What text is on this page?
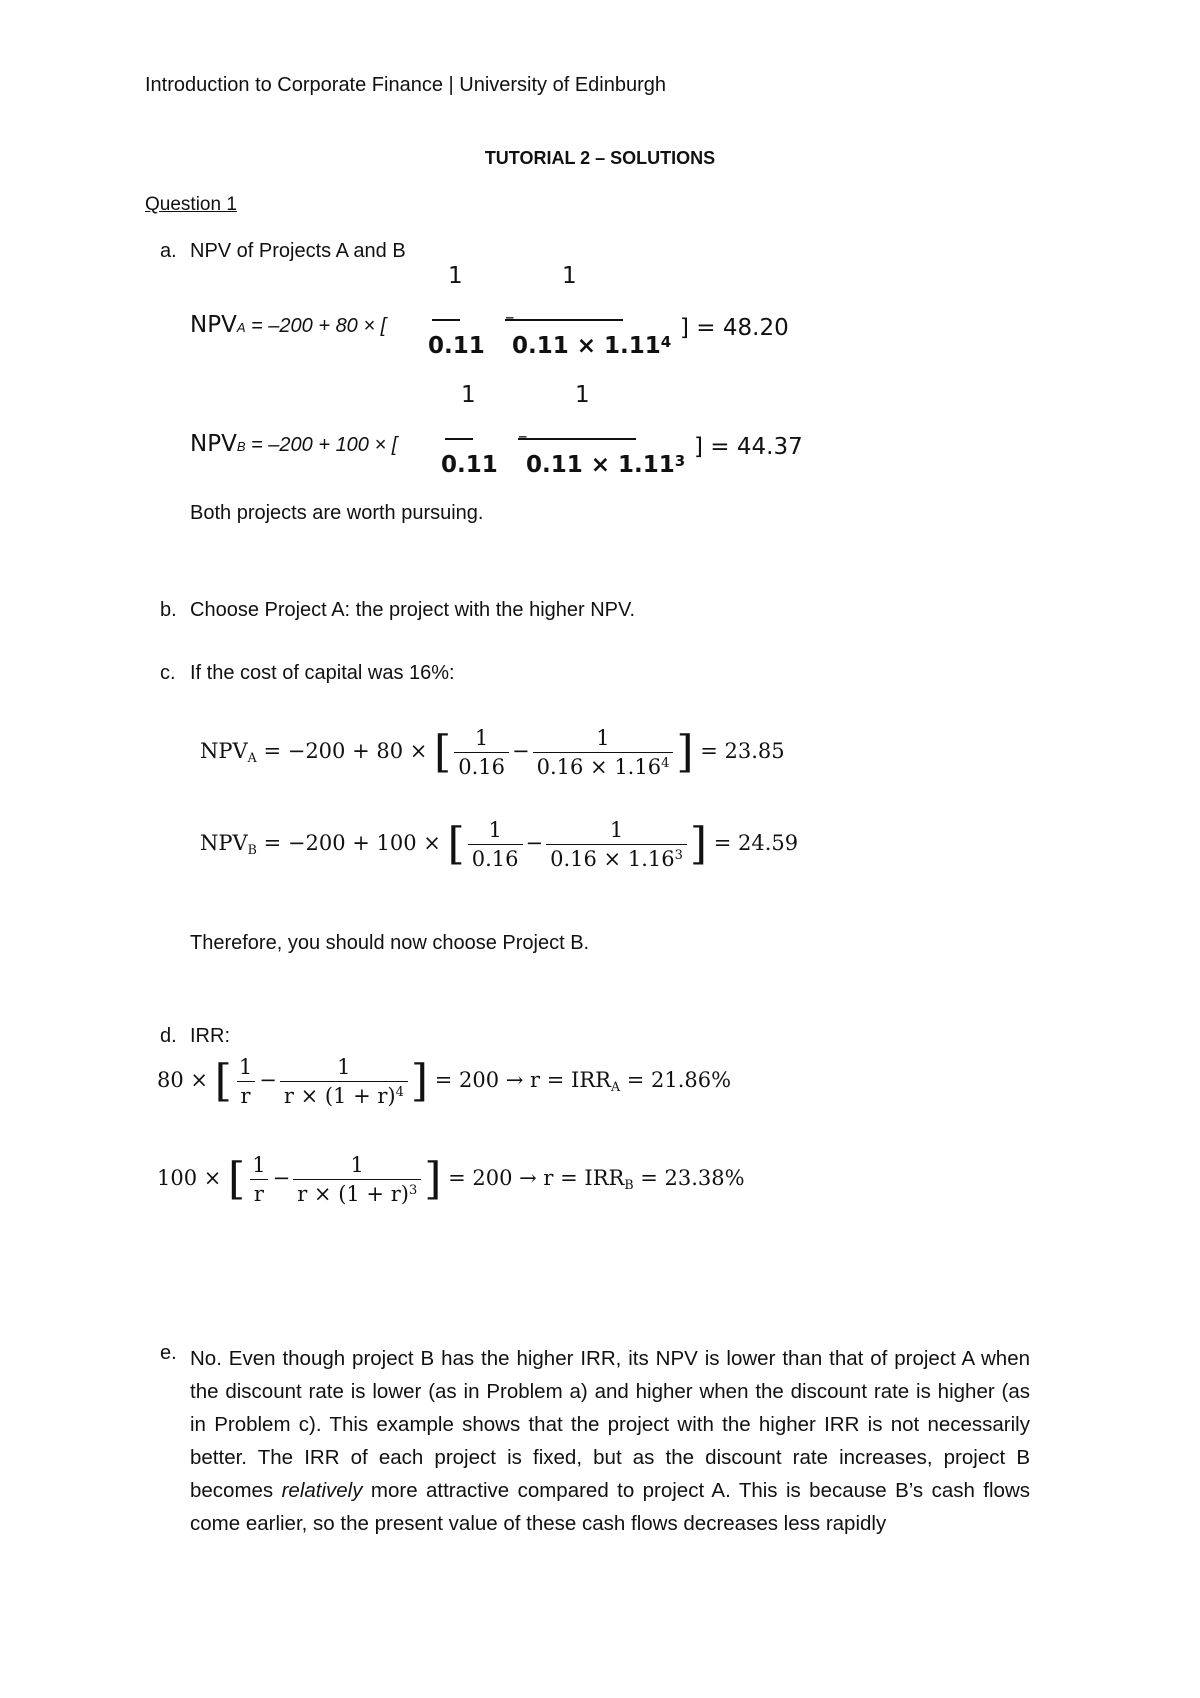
Introduction to Corporate Finance | University of Edinburgh
TUTORIAL 2 – SOLUTIONS
Question 1
a. NPV of Projects A and B
1	1
NPVA = –200 + 80 × [	–
0.11 $0.11 \times 1.11^4$
] = 48.20
1	1
NPVB = –200 + 100 × [	–
0.11 $0.11 \times 1.11^3$
] = 44.37
Both projects are worth pursuing.
b. Choose Project A: the project with the higher NPV.
c. If the cost of capital was 16%:
$NPV_A = -200 + 80$ × [ $\frac{1}{0.16} - \frac{1}{0.16 \times 1.16^4}$ ] = 23.85
$NPV_B = -200 + 100$ × [ $\frac{1}{0.16} - \frac{1}{0.16 \times 1.16^3}$ ] = 24.59
Therefore, you should now choose Project B.
d. IRR:
80 × [ $\frac{1}{r} - \frac{1}{r \times (1 + r)^4}$ ] = $200 \to r = IRR_A = 21.86\%$
100 × [ $\frac{1}{r} - \frac{1}{r \times (1 + r)^3}$ ] = $200 \to r = IRR_B = 23.38\%$
e. No. Even though project B has the higher IRR, its NPV is lower than that of project A when the discount rate is lower (as in Problem a) and higher when the discount rate is higher (as in Problem c). This example shows that the project with the higher IRR is not necessarily better. The IRR of each project is fixed, but as the discount rate increases, project B becomes relatively more attractive compared to project A. This is because B’s cash flows come earlier, so the present value of these cash flows decreases less rapidly
